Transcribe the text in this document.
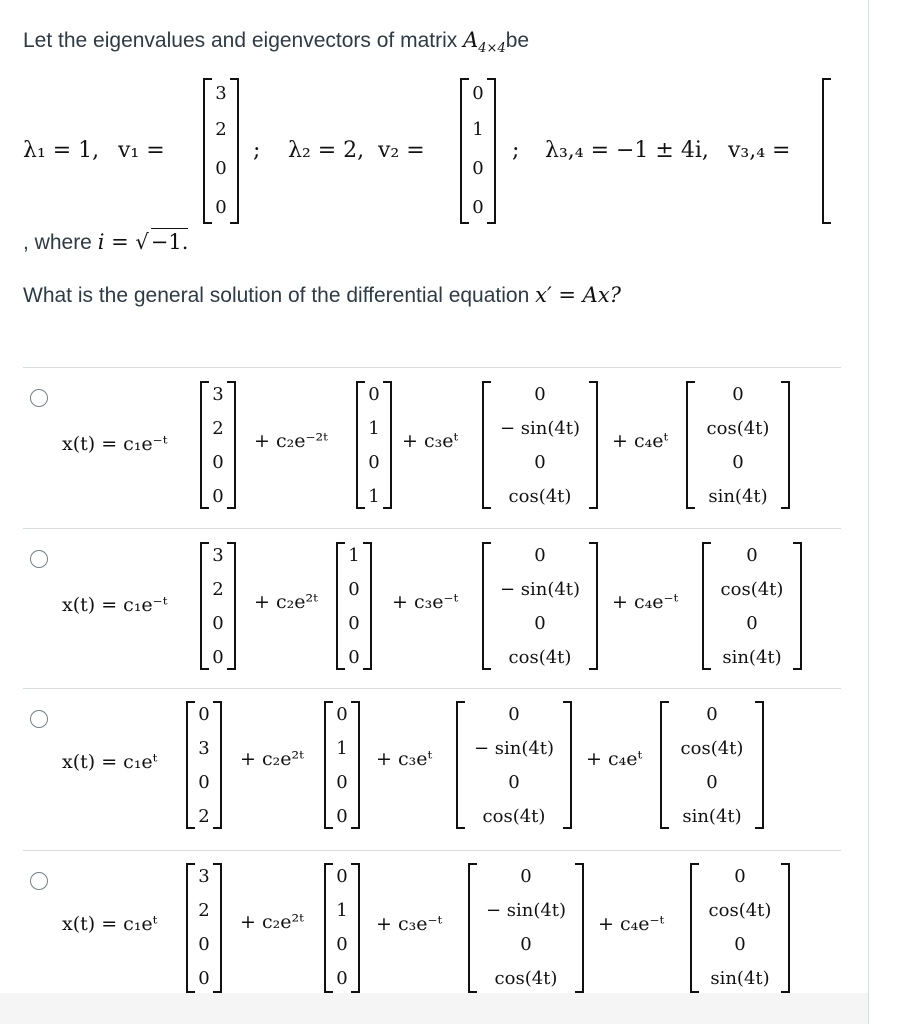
Let the eigenvalues and eigenvectors of matrix $A_{4\times 4}be$
λ₁ = 1, v₁ =
3
2
0
0
; λ₂ = 2, v₂ =
0
1
0
0
; λ₃,₄ = −1 ± 4i, v₃,₄ =
, where i = √−1.
What is the general solution of the differential equation x′ = Ax?
x(t) = c₁e⁻ᵗ
3
2
0
0
+ c₂e⁻²ᵗ
0
1
0
1
+ c₃eᵗ
0
− sin(4t)
0
cos(4t)
+ c₄eᵗ
0
cos(4t)
0
sin(4t)
x(t) = c₁e⁻ᵗ
3
2
0
0
+ c₂e²ᵗ
1
0
0
0
+ c₃e⁻ᵗ
0
− sin(4t)
0
cos(4t)
+ c₄e⁻ᵗ
0
cos(4t)
0
sin(4t)
x(t) = c₁eᵗ
0
3
0
2
+ c₂e²ᵗ
0
1
0
0
+ c₃eᵗ
0
− sin(4t)
0
cos(4t)
+ c₄eᵗ
0
cos(4t)
0
sin(4t)
x(t) = c₁eᵗ
3
2
0
0
+ c₂e²ᵗ
0
1
0
0
+ c₃e⁻ᵗ
0
− sin(4t)
0
cos(4t)
+ c₄e⁻ᵗ
0
cos(4t)
0
sin(4t)
